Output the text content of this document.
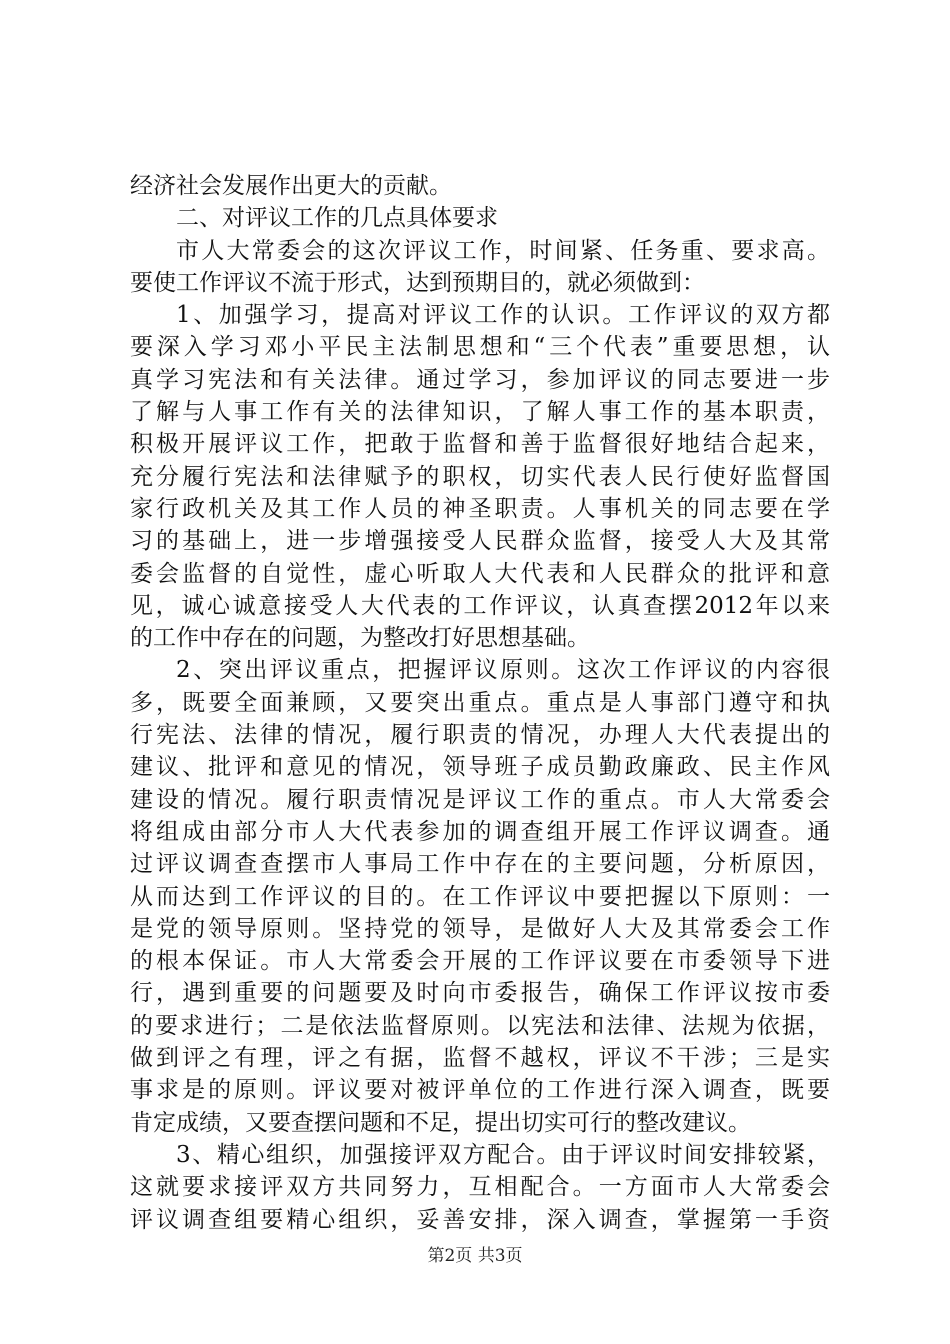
经济社会发展作出更大的贡献。
二、对评议工作的几点具体要求
市人大常委会的这次评议工作，时间紧、任务重、要求高。
要使工作评议不流于形式，达到预期目的，就必须做到：
1、加强学习，提高对评议工作的认识。工作评议的双方都
要深入学习邓小平民主法制思想和“三个代表”重要思想，认
真学习宪法和有关法律。通过学习，参加评议的同志要进一步
了解与人事工作有关的法律知识，了解人事工作的基本职责，
积极开展评议工作，把敢于监督和善于监督很好地结合起来，
充分履行宪法和法律赋予的职权，切实代表人民行使好监督国
家行政机关及其工作人员的神圣职责。人事机关的同志要在学
习的基础上，进一步增强接受人民群众监督，接受人大及其常
委会监督的自觉性，虚心听取人大代表和人民群众的批评和意
见，诚心诚意接受人大代表的工作评议，认真查摆2012年以来
的工作中存在的问题，为整改打好思想基础。
2、突出评议重点，把握评议原则。这次工作评议的内容很
多，既要全面兼顾，又要突出重点。重点是人事部门遵守和执
行宪法、法律的情况，履行职责的情况，办理人大代表提出的
建议、批评和意见的情况，领导班子成员勤政廉政、民主作风
建设的情况。履行职责情况是评议工作的重点。市人大常委会
将组成由部分市人大代表参加的调查组开展工作评议调查。通
过评议调查查摆市人事局工作中存在的主要问题，分析原因，
从而达到工作评议的目的。在工作评议中要把握以下原则：一
是党的领导原则。坚持党的领导，是做好人大及其常委会工作
的根本保证。市人大常委会开展的工作评议要在市委领导下进
行，遇到重要的问题要及时向市委报告，确保工作评议按市委
的要求进行；二是依法监督原则。以宪法和法律、法规为依据，
做到评之有理，评之有据，监督不越权，评议不干涉；三是实
事求是的原则。评议要对被评单位的工作进行深入调查，既要
肯定成绩，又要查摆问题和不足，提出切实可行的整改建议。
3、精心组织，加强接评双方配合。由于评议时间安排较紧，
这就要求接评双方共同努力，互相配合。一方面市人大常委会
评议调查组要精心组织，妥善安排，深入调查，掌握第一手资
第2页 共3页
